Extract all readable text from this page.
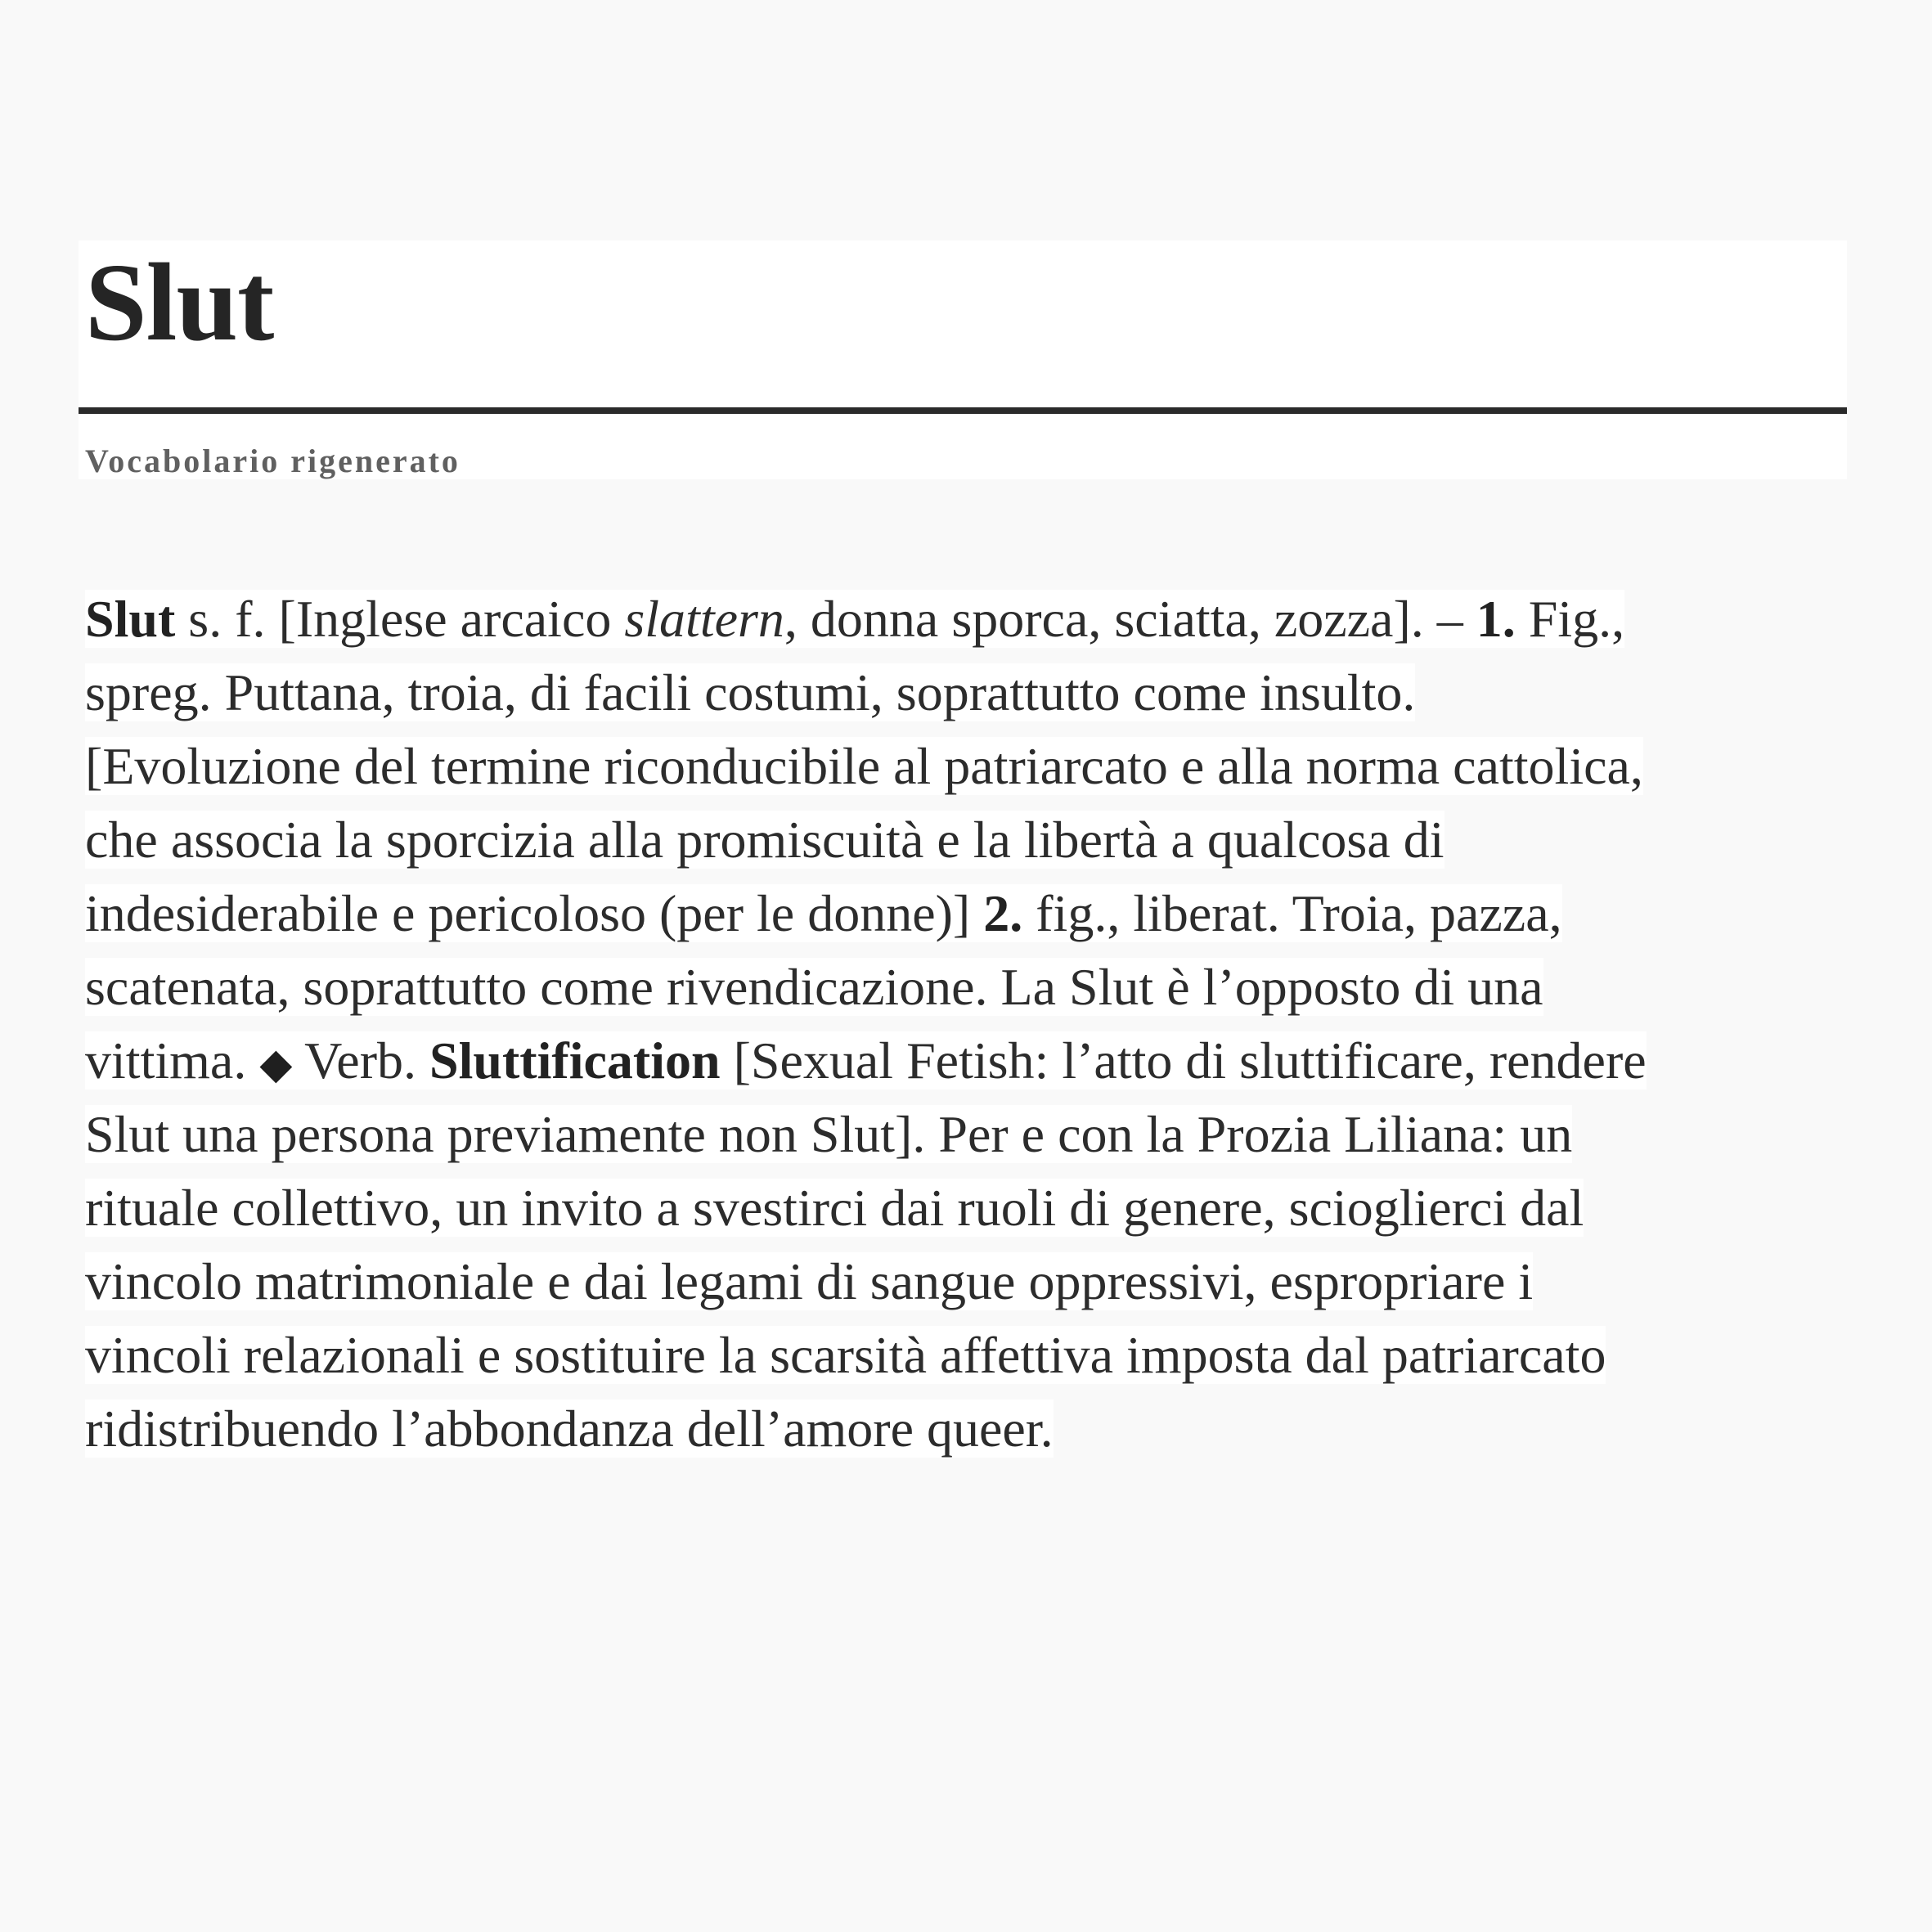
Slut
Vocabolario rigenerato

Slut s. f. [Inglese arcaico slattern, donna sporca, sciatta, zozza]. – 1. Fig.,
spreg. Puttana, troia, di facili costumi, soprattutto come insulto.
[Evoluzione del termine riconducibile al patriarcato e alla norma cattolica,
che associa la sporcizia alla promiscuità e la libertà a qualcosa di
indesiderabile e pericoloso (per le donne)] 2. fig., liberat. Troia, pazza,
scatenata, soprattutto come rivendicazione. La Slut è l’opposto di una
vittima. ◆ Verb. Sluttification [Sexual Fetish: l’atto di sluttificare, rendere
Slut una persona previamente non Slut]. Per e con la Prozia Liliana: un
rituale collettivo, un invito a svestirci dai ruoli di genere, scioglierci dal
vincolo matrimoniale e dai legami di sangue oppressivi, espropriare i
vincoli relazionali e sostituire la scarsità affettiva imposta dal patriarcato
ridistribuendo l’abbondanza dell’amore queer.
